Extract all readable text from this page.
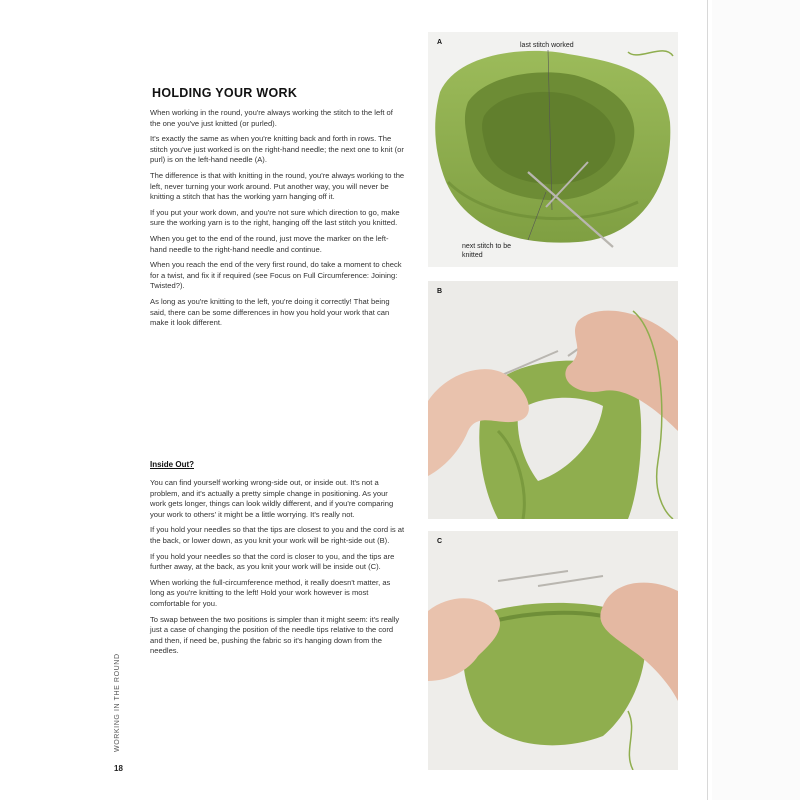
HOLDING YOUR WORK

When working in the round, you're always working the stitch to the left of the one you've just knitted (or purled).

It's exactly the same as when you're knitting back and forth in rows. The stitch you've just worked is on the right-hand needle; the next one to knit (or purl) is on the left-hand needle (A).

The difference is that with knitting in the round, you're always working to the left, never turning your work around. Put another way, you will never be knitting a stitch that has the working yarn hanging off it.

If you put your work down, and you're not sure which direction to go, make sure the working yarn is to the right, hanging off the last stitch you knitted.

When you get to the end of the round, just move the marker on the left-hand needle to the right-hand needle and continue.

When you reach the end of the very first round, do take a moment to check for a twist, and fix it if required (see Focus on Full Circumference: Joining: Twisted?).

As long as you're knitting to the left, you're doing it correctly! That being said, there can be some differences in how you hold your work that can make it look different.

Inside Out?

You can find yourself working wrong-side out, or inside out. It's not a problem, and it's actually a pretty simple change in positioning. As your work gets longer, things can look wildly different, and if you're comparing your work to others' it might be a little worrying. It's really not.

If you hold your needles so that the tips are closest to you and the cord is at the back, or lower down, as you knit your work will be right-side out (B).

If you hold your needles so that the cord is closer to you, and the tips are further away, at the back, as you knit your work will be inside out (C).

When working the full-circumference method, it really doesn't matter, as long as you're knitting to the left! Hold your work however is most comfortable for you.

To swap between the two positions is simpler than it might seem: it's really just a case of changing the position of the needle tips relative to the cord and then, if need be, pushing the fabric so it's hanging down from the needles.

WORKING IN THE ROUND
18
A	last stitch worked
next stitch to be
knitted
B
C
